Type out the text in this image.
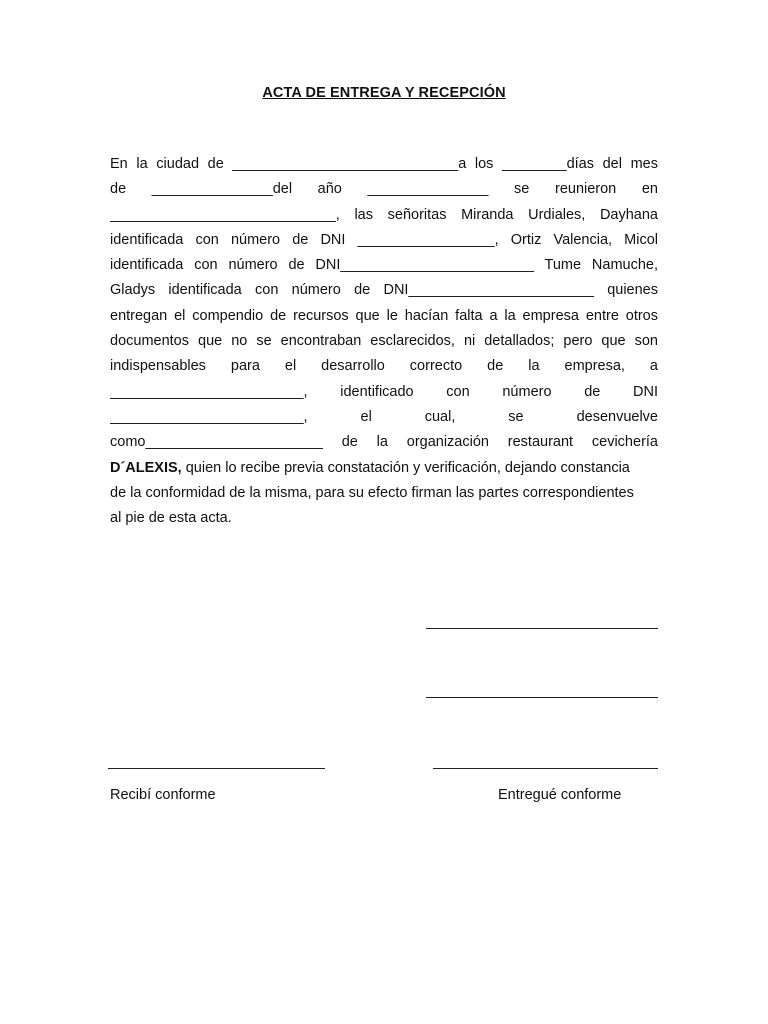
ACTA DE ENTREGA Y RECEPCIÓN
En la ciudad de ____________________________a los ________días del mes
de _______________del año _______________ se reunieron en
____________________________, las señoritas Miranda Urdiales, Dayhana
identificada con número de DNI _________________, Ortiz Valencia, Micol
identificada con número de DNI________________________ Tume Namuche,
Gladys identificada con número de DNI_______________________ quienes
entregan el compendio de recursos que le hacían falta a la empresa entre otros
documentos que no se encontraban esclarecidos, ni detallados; pero que son
indispensables para el desarrollo correcto de la empresa, a
________________________, identificado con número de DNI
________________________, el cual, se desenvuelve
como______________________ de la organización restaurant cevichería
D´ALEXIS, quien lo recibe previa constatación y verificación, dejando constancia
de la conformidad de la misma, para su efecto firman las partes correspondientes
al pie de esta acta.
Recibí conforme	Entregué conforme
